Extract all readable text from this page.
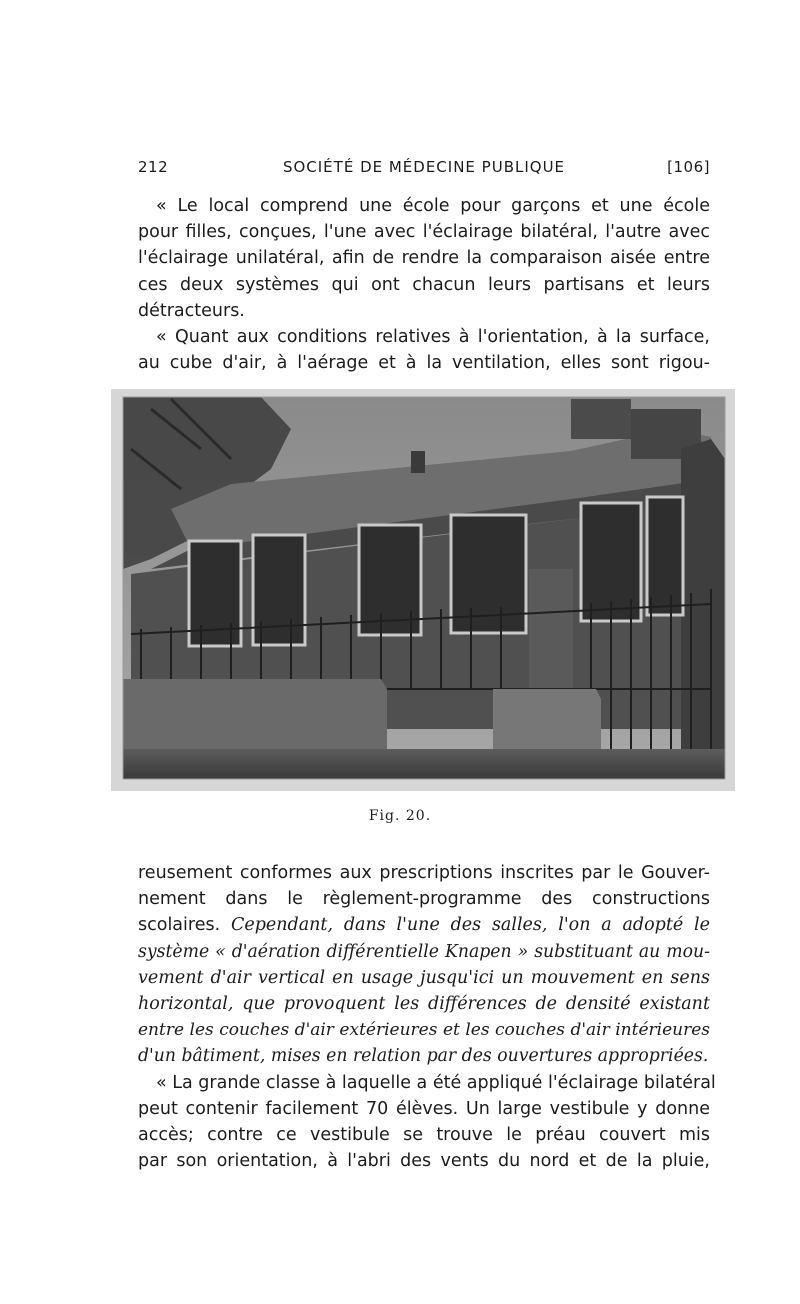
212	SOCIÉTÉ DE MÉDECINE PUBLIQUE	[106]
« Le local comprend une école pour garçons et une école
pour filles, conçues, l'une avec l'éclairage bilatéral, l'autre avec
l'éclairage unilatéral, afin de rendre la comparaison aisée entre
ces deux systèmes qui ont chacun leurs partisans et leurs
détracteurs.
« Quant aux conditions relatives à l'orientation, à la surface,
au cube d'air, à l'aérage et à la ventilation, elles sont rigou-
Fig. 20.
reusement conformes aux prescriptions inscrites par le Gouver-
nement dans le règlement-programme des constructions
scolaires. Cependant, dans l'une des salles, l'on a adopté le
système « d'aération différentielle Knapen » substituant au mou-
vement d'air vertical en usage jusqu'ici un mouvement en sens
horizontal, que provoquent les différences de densité existant
entre les couches d'air extérieures et les couches d'air intérieures
d'un bâtiment, mises en relation par des ouvertures appropriées.
« La grande classe à laquelle a été appliqué l'éclairage bilatéral
peut contenir facilement 70 élèves. Un large vestibule y donne
accès; contre ce vestibule se trouve le préau couvert mis
par son orientation, à l'abri des vents du nord et de la pluie,
